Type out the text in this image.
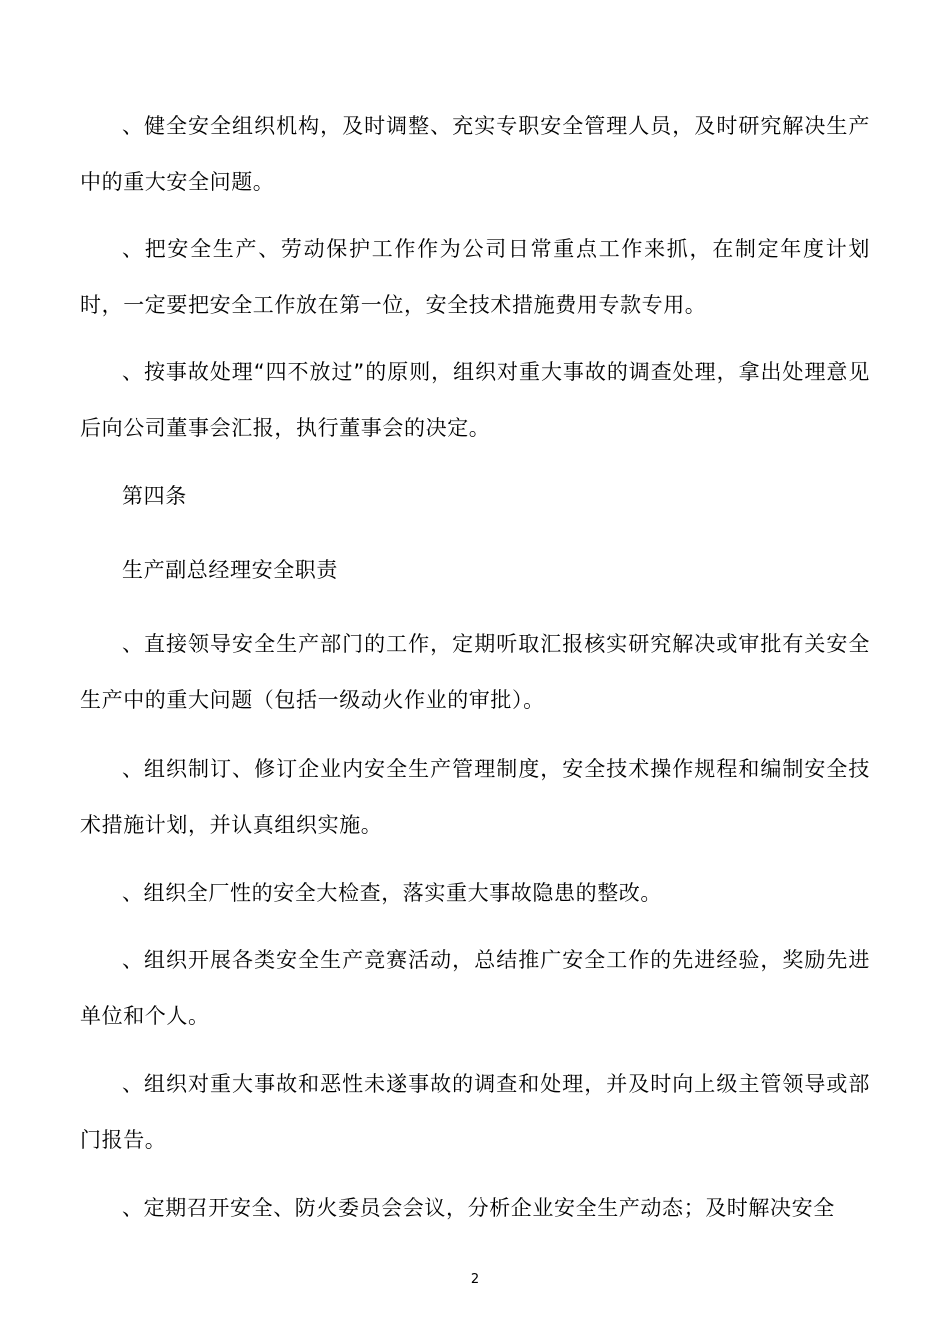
、健全安全组织机构，及时调整、充实专职安全管理人员，及时研究解决生产中的重大安全问题。

、把安全生产、劳动保护工作作为公司日常重点工作来抓，在制定年度计划时，一定要把安全工作放在第一位，安全技术措施费用专款专用。

、按事故处理“四不放过”的原则，组织对重大事故的调查处理，拿出处理意见后向公司董事会汇报，执行董事会的决定。

第四条

生产副总经理安全职责

、直接领导安全生产部门的工作，定期听取汇报核实研究解决或审批有关安全生产中的重大问题（包括一级动火作业的审批）。

、组织制订、修订企业内安全生产管理制度，安全技术操作规程和编制安全技术措施计划，并认真组织实施。

、组织全厂性的安全大检查，落实重大事故隐患的整改。

、组织开展各类安全生产竞赛活动，总结推广安全工作的先进经验，奖励先进单位和个人。

、组织对重大事故和恶性未遂事故的调查和处理，并及时向上级主管领导或部门报告。

、定期召开安全、防火委员会会议，分析企业安全生产动态；及时解决安全

2
